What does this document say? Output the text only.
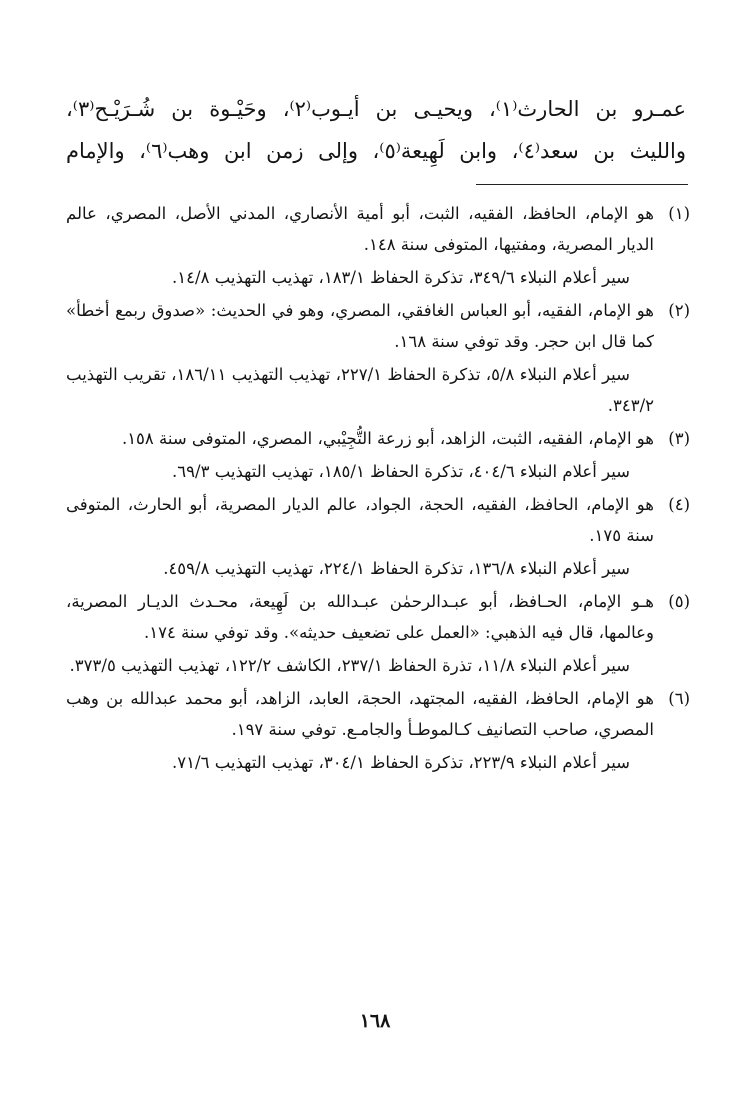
عمـرو بن الحارث⁽١⁾، ويحيـى بن أيـوب⁽٢⁾، وحَيْـوة بن شُـرَيْـح⁽٣⁾،
والليث بن سعد⁽٤⁾، وابن لَهِيعة⁽٥⁾، وإلى زمن ابن وهب⁽٦⁾، والإمام
(١)
هو الإمام، الحافظ، الفقيه، الثبت، أبو أمية الأنصاري، المدني الأصل، المصري، عالم الديار المصرية، ومفتيها، المتوفى سنة ١٤٨.
سير أعلام النبلاء ٣٤٩/٦، تذكرة الحفاظ ١٨٣/١، تهذيب التهذيب ١٤/٨.
(٢)
هو الإمام، الفقيه، أبو العباس الغافقي، المصري، وهو في الحديث: «صدوق ربمع أخطأ» كما قال ابن حجر. وقد توفي سنة ١٦٨.
سير أعلام النبلاء ٥/٨، تذكرة الحفاظ ٢٢٧/١، تهذيب التهذيب ١٨٦/١١، تقريب التهذيب ٣٤٣/٢.
(٣)
هو الإمام، الفقيه، الثبت، الزاهد، أبو زرعة التُّجِيْبي، المصري، المتوفى سنة ١٥٨.
سير أعلام النبلاء ٤٠٤/٦، تذكرة الحفاظ ١٨٥/١، تهذيب التهذيب ٦٩/٣.
(٤)
هو الإمام، الحافظ، الفقيه، الحجة، الجواد، عالم الديار المصرية، أبو الحارث، المتوفى سنة ١٧٥.
سير أعلام النبلاء ١٣٦/٨، تذكرة الحفاظ ٢٢٤/١، تهذيب التهذيب ٤٥٩/٨.
(٥)
هـو الإمام، الحـافظ، أبو عبـدالرحمٰن عبـدالله بن لَهِيعة، محـدث الديـار المصرية، وعالمها، قال فيه الذهبي: «العمل على تضعيف حديثه». وقد توفي سنة ١٧٤.
سير أعلام النبلاء ١١/٨، تذرة الحفاظ ٢٣٧/١، الكاشف ١٢٢/٢، تهذيب التهذيب ٣٧٣/٥.
(٦)
هو الإمام، الحافظ، الفقيه، المجتهد، الحجة، العابد، الزاهد، أبو محمد عبدالله بن وهب المصري، صاحب التصانيف كـالموطـأ والجامـع. توفي سنة ١٩٧.
سير أعلام النبلاء ٢٢٣/٩، تذكرة الحفاظ ٣٠٤/١، تهذيب التهذيب ٧١/٦.
١٦٨
